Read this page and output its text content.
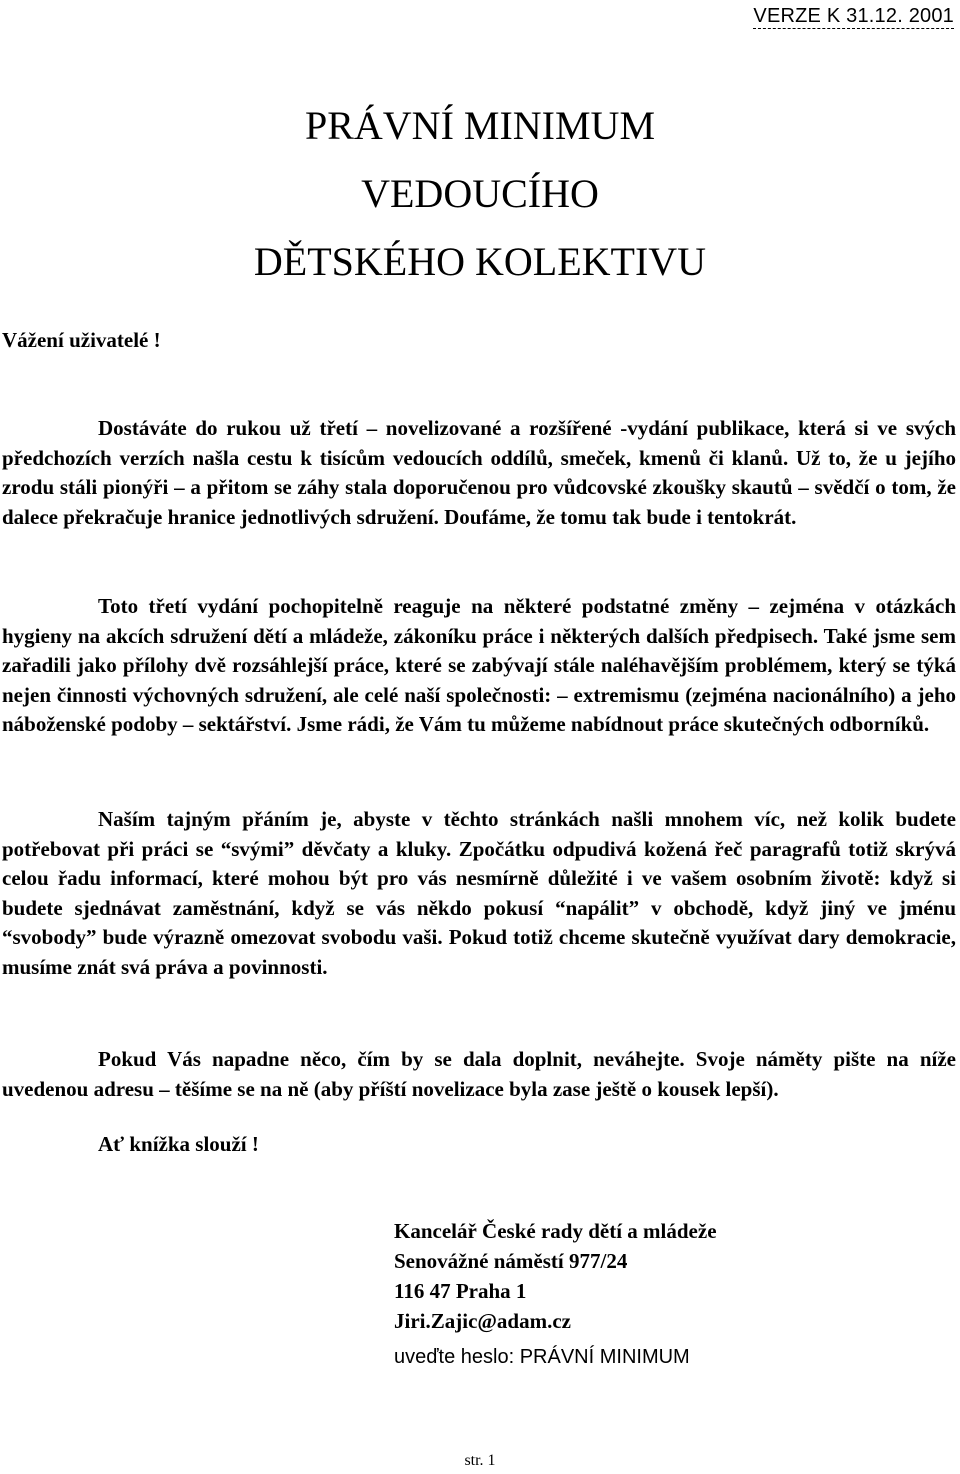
VERZE K 31.12. 2001
PRÁVNÍ MINIMUM
VEDOUCÍHO
DĚTSKÉHO KOLEKTIVU
Vážení uživatelé !

Dostáváte do rukou už třetí – novelizované a rozšířené -vydání publikace, která si ve svých předchozích verzích našla cestu k tisícům vedoucích oddílů, smeček, kmenů či klanů. Už to, že u jejího zrodu stáli pionýři – a přitom se záhy stala doporučenou pro vůdcovské zkoušky skautů – svědčí o tom, že dalece překračuje hranice jednotlivých sdružení. Doufáme, že tomu tak bude i tentokrát.

Toto třetí vydání pochopitelně reaguje na některé podstatné změny – zejména v otázkách hygieny na akcích sdružení dětí a mládeže, zákoníku práce i některých dalších předpisech. Také jsme sem zařadili jako přílohy dvě rozsáhlejší práce, které se zabývají stále naléhavějším problémem, který se týká nejen činnosti výchovných sdružení, ale celé naší společnosti: – extremismu (zejména nacionálního) a jeho náboženské podoby – sektářství. Jsme rádi, že Vám tu můžeme nabídnout práce skutečných odborníků.

Naším tajným přáním je, abyste v těchto stránkách našli mnohem víc, než kolik budete potřebovat při práci se “svými” děvčaty a kluky. Zpočátku odpudivá kožená řeč paragrafů totiž skrývá celou řadu informací, které mohou být pro vás nesmírně důležité i ve vašem osobním životě: když si budete sjednávat zaměstnání, když se vás někdo pokusí “napálit” v obchodě, když jiný ve jménu “svobody” bude výrazně omezovat svobodu vaši. Pokud totiž chceme skutečně využívat dary demokracie, musíme znát svá práva a povinnosti.

Pokud Vás napadne něco, čím by se dala doplnit, neváhejte. Svoje náměty pište na níže uvedenou adresu – těšíme se na ně (aby příští novelizace byla zase ještě o kousek lepší).

Ať knížka slouží !
Kancelář České rady dětí a mládeže
Senovážné náměstí 977/24
116 47 Praha 1
Jiri.Zajic@adam.cz
uveďte heslo: PRÁVNÍ MINIMUM
str. 1
